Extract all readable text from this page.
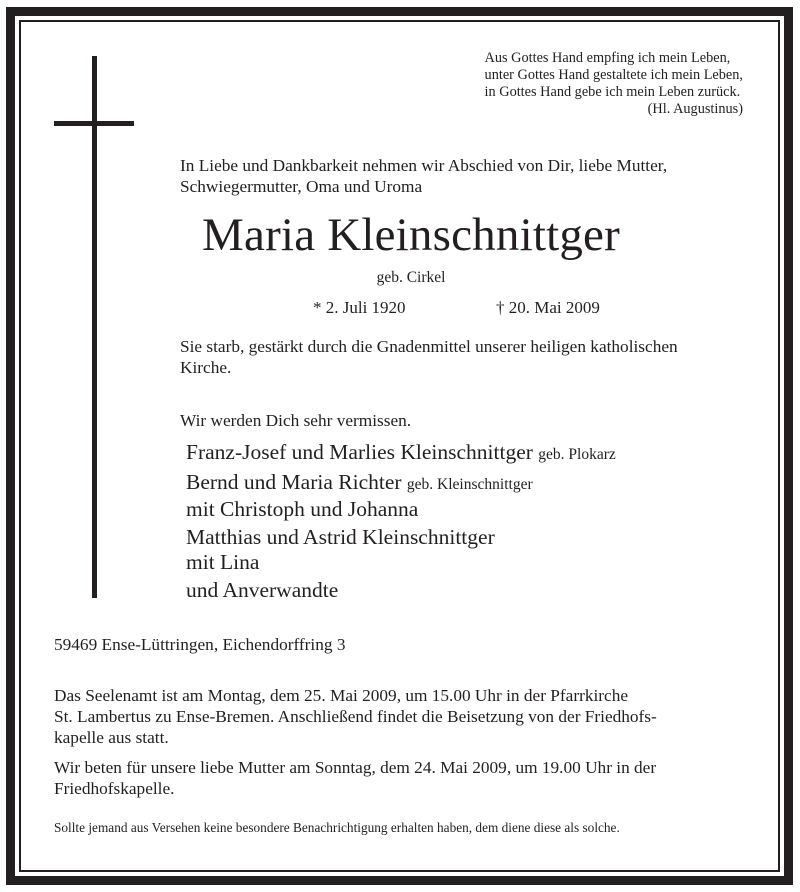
Aus Gottes Hand empfing ich mein Leben,
unter Gottes Hand gestaltete ich mein Leben,
in Gottes Hand gebe ich mein Leben zurück.
(Hl. Augustinus)
In Liebe und Dankbarkeit nehmen wir Abschied von Dir, liebe Mutter,
Schwiegermutter, Oma und Uroma
Maria Kleinschnittger
geb. Cirkel
* 2. Juli 1920	† 20. Mai 2009
Sie starb, gestärkt durch die Gnadenmittel unserer heiligen katholischen
Kirche.
Wir werden Dich sehr vermissen.
Franz-Josef und Marlies Kleinschnittger geb. Plokarz
Bernd und Maria Richter geb. Kleinschnittger
mit Christoph und Johanna
Matthias und Astrid Kleinschnittger
mit Lina
und Anverwandte
59469 Ense-Lüttringen, Eichendorffring 3
Das Seelenamt ist am Montag, dem 25. Mai 2009, um 15.00 Uhr in der Pfarrkirche
St. Lambertus zu Ense-Bremen. Anschließend findet die Beisetzung von der Friedhofs-
kapelle aus statt.
Wir beten für unsere liebe Mutter am Sonntag, dem 24. Mai 2009, um 19.00 Uhr in der
Friedhofskapelle.
Sollte jemand aus Versehen keine besondere Benachrichtigung erhalten haben, dem diene diese als solche.
